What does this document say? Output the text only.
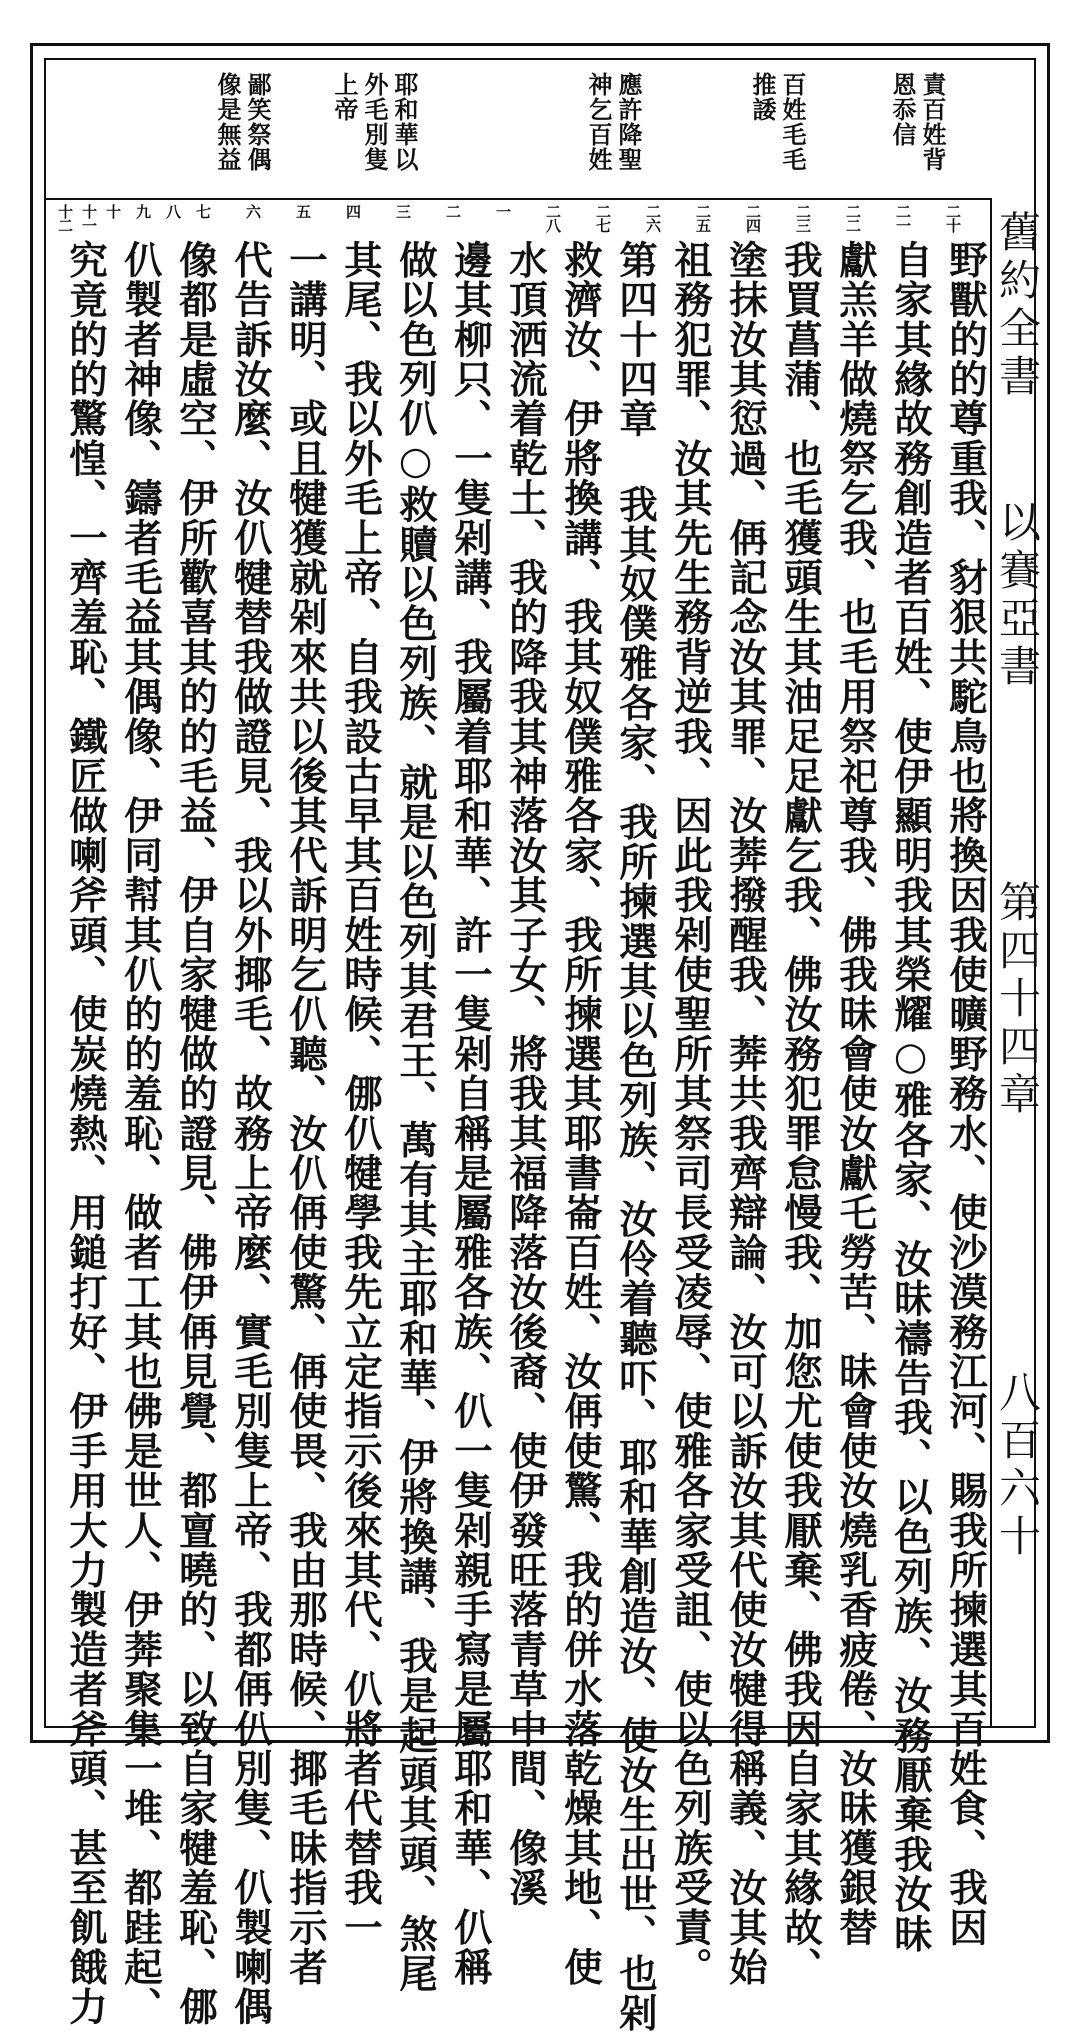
舊約全書
以賽亞書
第四十四章
八百六十
責百姓背
恩忝信
百姓毛毛
推諉
應許降聖
神乞百姓
耶和華以
外毛別隻
上帝
鄙笑祭偶
像是無益
二十
二一
二二
二三
二四
二五
二六
二七
二八
一
二
三
四
五
六
七
八
九
十
十一
十二
野獸的的尊重我、豺狠共駝鳥也將換因我使曠野務水、使沙漠務江河、賜我所揀選其百姓食、我因
自家其緣故務創造者百姓、使伊顯明我其榮耀○雅各家、汝昧禱告我、以色列族、汝務厭棄我汝昧
獻羔羊做燒祭乞我、也毛用祭祀尊我、佛我昧會使汝獻乇勞苦、昧會使汝燒乳香疲倦、汝昧獲銀替
我買菖蒲、也毛獲頭生其油足足獻乞我、佛汝務犯罪怠慢我、加您尤使我厭棄、佛我因自家其緣故、
塗抹汝其愆過、侢記念汝其罪、汝莾撥醒我、莾共我齊辯論、汝可以訴汝其代使汝犍得稱義、汝其始
祖務犯罪、汝其先生務背逆我、因此我剁使聖所其祭司長受凌辱、使雅各家受詛、使以色列族受責。
第四十四章 我其奴僕雅各家、我所揀選其以色列族、汝伶着聽吓、耶和華創造汝、使汝生出世、也剁
救濟汝、伊將換講、我其奴僕雅各家、我所揀選其耶書崙百姓、汝侢使驚、我的併水落乾燥其地、使
水頂洒流着乾土、我的降我其神落汝其子女、將我其福降落汝後裔、使伊發旺落青草中間、像溪
邊其柳只、一隻剁講、我屬着耶和華、許一隻剁自稱是屬雅各族、仈一隻剁親手寫是屬耶和華、仈稱
做以色列仈○救贖以色列族、就是以色列其君王、萬有其主耶和華、伊將換講、我是起頭其頭、煞尾
其尾、我以外毛上帝、自我設古早其百姓時候、㑚仈犍學我先立定指示後來其代、仈將者代替我一
一講明、或且犍獲就剁來共以後其代訴明乞仈聽、汝仈侢使驚、侢使畏、我由那時候、揶毛昧指示者
代告訴汝麼、汝仈犍替我做證見、我以外揶毛、故務上帝麼、實毛別隻上帝、我都侢仈別隻、仈製喇偶
像都是虛空、伊所歡喜其的的毛益、伊自家犍做的證見、佛伊侢見覺、都亶曉的、以致自家犍羞恥、㑚
仈製者神像、鑄者毛益其偶像、伊同幇其仈的的羞恥、做者工其也佛是世人、伊莾聚集一堆、都跬起、
究竟的的驚惶、一齊羞恥、鐵匠做喇斧頭、使炭燒熱、用鎚打好、伊手用大力製造者斧頭、甚至飢餓力
